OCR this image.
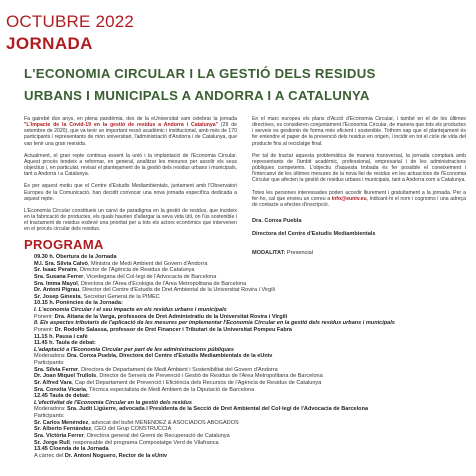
OCTUBRE 2022
JORNADA
L'ECONOMIA CIRCULAR I LA GESTIÓ DELS RESIDUS
URBANS I MUNICIPALS A ANDORRA I A CATALUNYA

Fa gairebé dos anys, en plena pandèmia, des de la eUniversitat vam celebrar la jornada "L'impacte de la Covid-19 en la gestió de residus a Andorra i Catalunya" (29 de setembre de 2020), que va tenir un important ressò acadèmic i institucional, amb més de 170 participants i representants de món universitari, l'administració d'Andorra i de Catalunya, que van tenir una gran reeixida.

Actualment, el gran repte continua essent la unió i la implantació de l'Economia Circular. Aquest procés tendeix a reformar, en general, analitzar les mesures per assolir els seus objectius i, en particular, revisar el plantejament de la gestió dels residus urbans i municipals, tant a Andorra i a Catalunya.

És per aquest motiu que el Centre d'Estudis Mediambientals, juntament amb l'Observatori Europeu de la Comunicació, han decidit convocar una nova jornada específica dedicada a aquest repte.

L'Economia Circular constitueix un canvi de paradigma en la gestió de residus, que incideix en la fabricació de productes, els quals haurien d'allargar la seva vida útil, on l'ús sostenible i el tractament de residus esdevé una prioritat per a tots els actors econòmics que intervenen en el procés circular dels residus.

En el marc europeu els plans d'Acció d'Economia Circular, i també en el de les últimes directives, es consideren conjuntament l'Economia Circular, de manera que tots els productes i serveis es gestionin de forma més eficient i sostenible. Tothom sap que el plantejament és fer entendre el paper de la prevenció dels residus en origen, i incidir en tot el cicle de vida del producte fins al reciclatge final.

Per tal de tractar aquesta problemàtica de manera transversal, la jornada comptarà amb representants de l'àmbit acadèmic, professional, empresarial i de les administracions públiques competents. L'objectiu d'aquesta trobada és fer possible el coneixement i l'intercanvi de les últimes mesures de la nova llei de residus en les actuacions de l'Economia Circular que afecten la gestió de residus urbans i municipals, tant a Andorra com a Catalunya.

Totes les persones interessades poden accedir lliurement i gratuïtament a la jornada. Per a fer-ho, cal que envieu un correu a info@euniv.eu, indicant-hi el nom i cognoms i una adreça de contacte a efectes d'inscripció.

Dra. Conxa Puebla

Directora del Centre d'Estudis Mediambientals

MODALITAT: Presencial

PROGRAMA
09.30 h. Obertura de la Jornada
M.I. Sra. Sílvia Calvó, Ministra de Medi Ambient del Govern d'Andorra
Sr. Isaac Peraire, Director de l'Agència de Residus de Catalunya
Sra. Susana Ferrer, Vicedegana del Col·legi de l'Advocacia de Barcelona
Sra. Imma Mayol, Directora de l'Àrea d'Ecologia de l'Àrea Metropolitana de Barcelona
Dr. Antoni Pigrau, Director del Centre d'Estudis de Dret Ambiental de la Universitat Rovira i Virgili
Sr. Josep Ginesta, Secretari General de la PIMEC
10.15 h. Ponències de la Jornada:
I. L'economia Circular i el seu impacte en els residus urbans i municipals
Ponent: Dra. Aitana de la Varga, professora de Dret Administratiu de la Universitat Rovira i Virgili
II. Els aspectes tributaris de l'aplicació de les mesures per implementar l'Economia Circular en la gestió dels residus urbans i municipals
Ponent: Dr. Rodolfo Salassa, professor de Dret Financer i Tributari de la Universitat Pompeu Fabra
11.15 h. Pausa i cafè
11.45 h. Taula de debat:
L'adaptació a l'Economia Circular per part de les administracions públiques
Moderadora: Dra. Conxa Puebla, Directora del Centre d'Estudis Mediambientals de la eUniv
Participants:
Sra. Sílvia Ferrer, Directora de Departament de Medi Ambient i Sostenibilitat del Govern d'Andorra
Dr. Joan Miquel Trullols, Director de Serveis de Prevenció i Gestió de Residus de l'Àrea Metropolitana de Barcelona
Sr. Alfred Vara, Cap del Departament de Prevenció i Eficiència dels Recursos de l'Agència de Residus de Catalunya
Sra. Conxita Vicaria, Tècnica especialista de Medi Ambient de la Diputació de Barcelona
12.45 Taula de debat:
L'efectivitat de l'Economia Circular en la gestió dels residus
Moderadora: Sra. Judit Ligüerre, advocada i Presidenta de la Secció de Dret Ambiental del Col·legi de l'Advocacia de Barcelona
Participants:
Sr. Carlos Menéndez, advocat del bufet MENÉNDEZ & ASOCIADOS ABOGADOS
Sr. Alberto Fernández, CEO del Grup CONSTRUCCIA
Sra. Victòria Ferrer, Directora general del Gremi de Recuperació de Catalunya
Sr. Jorge Rull, responsable del programa Compostatge Verd de Vilafranca
13.45 Cloenda de la Jornada
A càrrec del Dr. Antoni Noguero, Rector de la eUniv
